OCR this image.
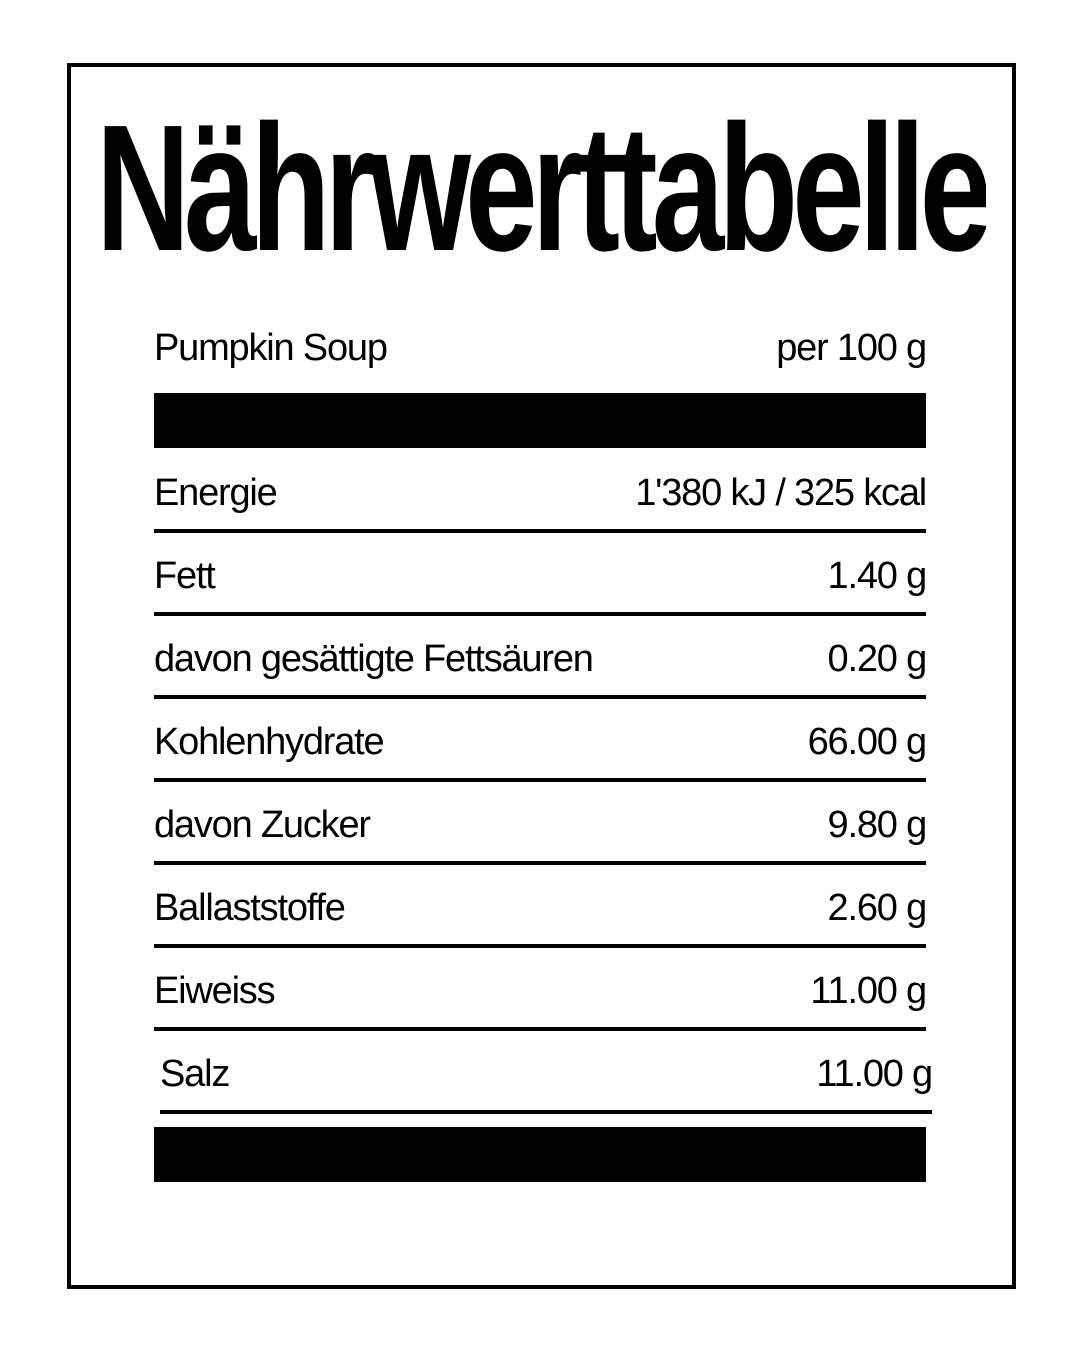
Nährwerttabelle
Pumpkin Soup	per 100 g
Energie	1'380 kJ / 325 kcal
Fett	1.40 g
davon gesättigte Fettsäuren	0.20 g
Kohlenhydrate	66.00 g
davon Zucker	9.80 g
Ballaststoffe	2.60 g
Eiweiss	11.00 g
Salz	11.00 g
